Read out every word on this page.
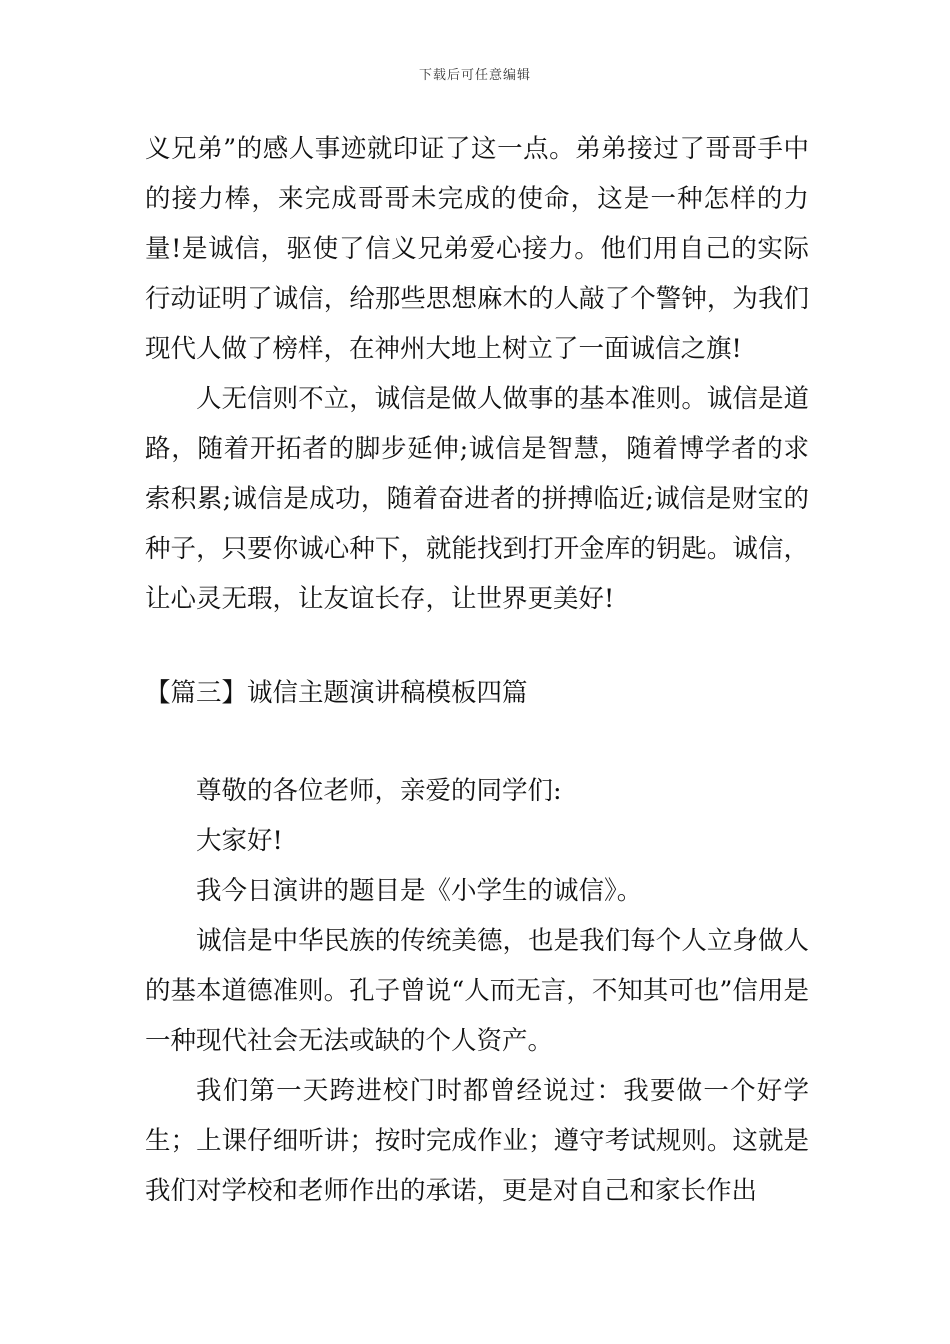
下载后可任意编辑

义兄弟”的感人事迹就印证了这一点。弟弟接过了哥哥手中的接力棒，来完成哥哥未完成的使命，这是一种怎样的力量!是诚信，驱使了信义兄弟爱心接力。他们用自己的实际行动证明了诚信，给那些思想麻木的人敲了个警钟，为我们现代人做了榜样，在神州大地上树立了一面诚信之旗!

人无信则不立，诚信是做人做事的基本准则。诚信是道路，随着开拓者的脚步延伸;诚信是智慧，随着博学者的求索积累;诚信是成功，随着奋进者的拼搏临近;诚信是财宝的种子，只要你诚心种下，就能找到打开金库的钥匙。诚信，让心灵无瑕，让友谊长存，让世界更美好!

【篇三】诚信主题演讲稿模板四篇

尊敬的各位老师，亲爱的同学们:

大家好!

我今日演讲的题目是《小学生的诚信》。

诚信是中华民族的传统美德，也是我们每个人立身做人的基本道德准则。孔子曾说“人而无言，不知其可也”信用是一种现代社会无法或缺的个人资产。

我们第一天跨进校门时都曾经说过：我要做一个好学生；上课仔细听讲；按时完成作业；遵守考试规则。这就是我们对学校和老师作出的承诺，更是对自己和家长作出
